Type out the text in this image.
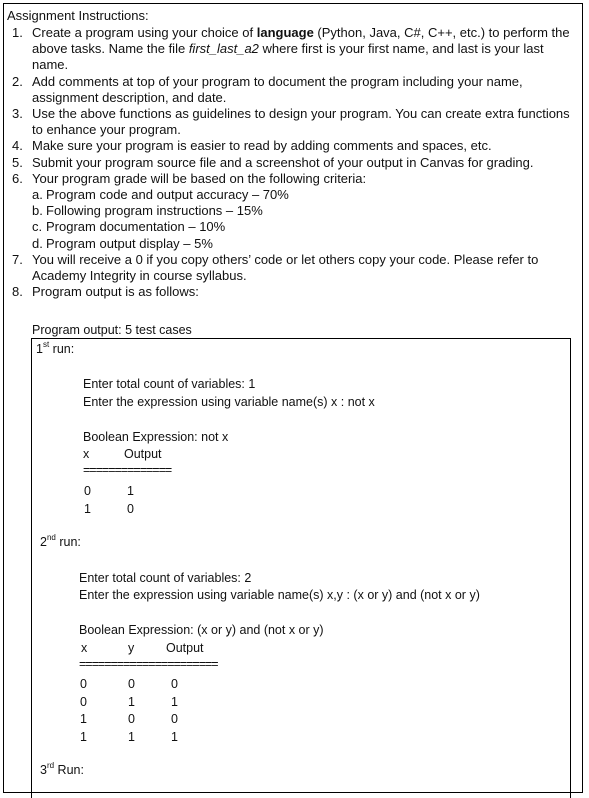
Assignment Instructions:
1. Create a program using your choice of language (Python, Java, C#, C++, etc.) to perform the above tasks. Name the file first_last_a2 where first is your first name, and last is your last name.
2. Add comments at top of your program to document the program including your name, assignment description, and date.
3. Use the above functions as guidelines to design your program. You can create extra functions to enhance your program.
4. Make sure your program is easier to read by adding comments and spaces, etc.
5. Submit your program source file and a screenshot of your output in Canvas for grading.
6. Your program grade will be based on the following criteria:
a. Program code and output accuracy – 70%
b. Following program instructions – 15%
c. Program documentation – 10%
d. Program output display – 5%
7. You will receive a 0 if you copy others’ code or let others copy your code. Please refer to Academy Integrity in course syllabus.
8. Program output is as follows:
Program output: 5 test cases
1st run:
Enter total count of variables: 1
Enter the expression using variable name(s) x : not x
Boolean Expression: not x
x	Output
==============
0	1
1	0
2nd run:
Enter total count of variables: 2
Enter the expression using variable name(s) x,y : (x or y) and (not x or y)
Boolean Expression: (x or y) and (not x or y)
x	y	Output
======================
0	0	0
0	1	1
1	0	0
1	1	1
3rd Run:
